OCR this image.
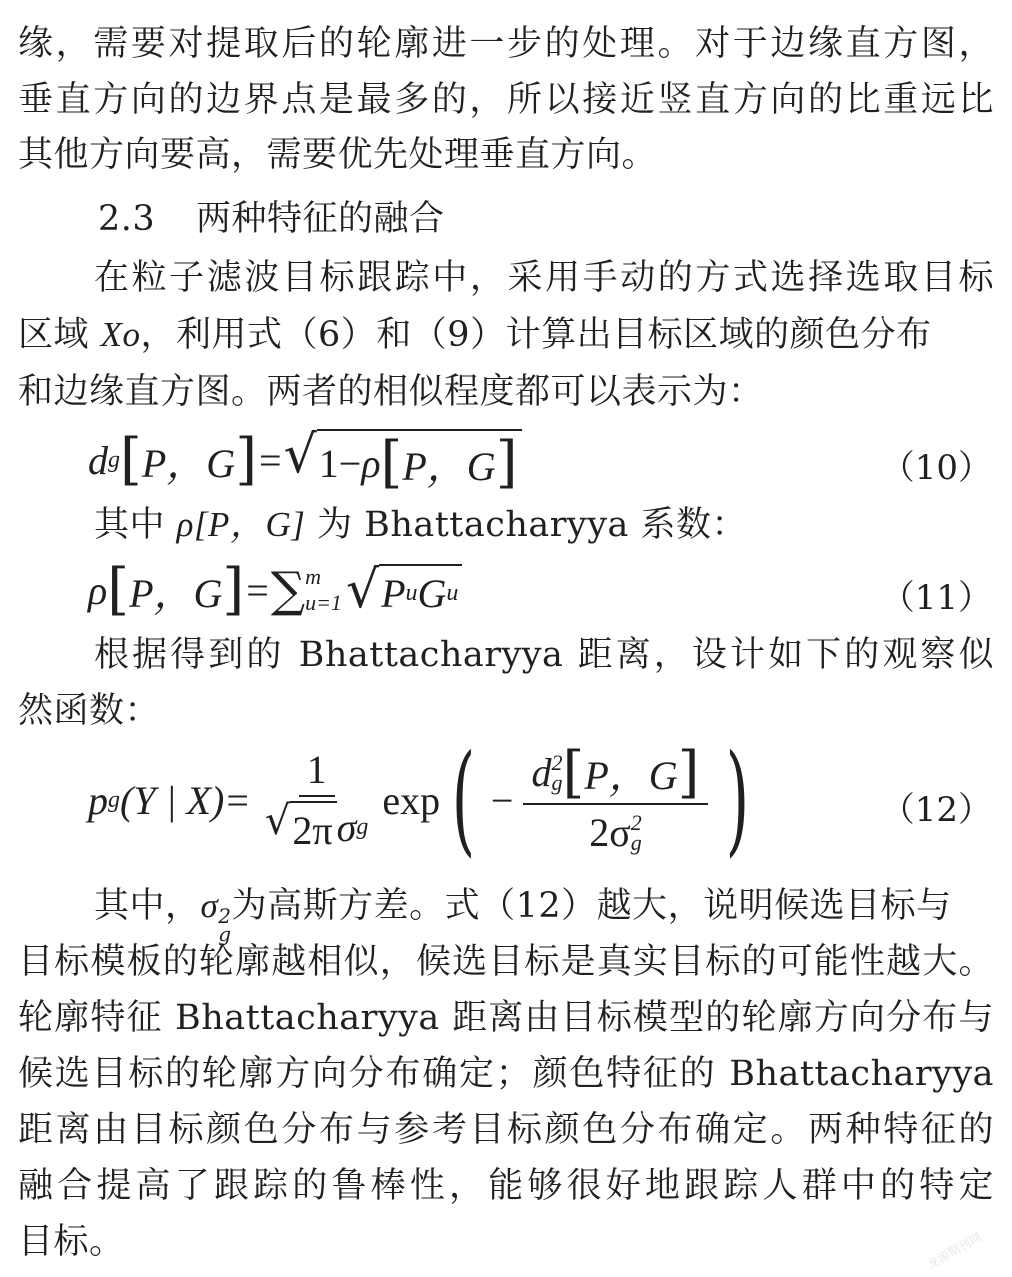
缘，需要对提取后的轮廓进一步的处理。对于边缘直方图，
垂直方向的边界点是最多的，所以接近竖直方向的比重远比
其他方向要高，需要优先处理垂直方向。
2.3 两种特征的融合
在粒子滤波目标跟踪中，采用手动的方式选择选取目标
区域 Xo，利用式（6）和（9）计算出目标区域的颜色分布
和边缘直方图。两者的相似程度都可以表示为：
d g [ P，G ] = √ 1− ρ [ P，G ]	（10）
其中 ρ[P，G] 为 Bhattacharyya 系数：
ρ [ P，G ] = ∑ m
u=1 √ P u G u	（11）
根据得到的 Bhattacharyya 距离，设计如下的观察似
然函数：
p g (Y | $X) = \frac{1}{\text{√ 2π σ g}}$ exp ( − d 2
g [ P，G ]
2σ 2
g )	（12）
其中，σ 2
g
为高斯方差。式（12）越大，说明候选目标与
目标模板的轮廓越相似，候选目标是真实目标的可能性越大。
轮廓特征 Bhattacharyya 距离由目标模型的轮廓方向分布与
候选目标的轮廓方向分布确定；颜色特征的 Bhattacharyya
距离由目标颜色分布与参考目标颜色分布确定。两种特征的
融合提高了跟踪的鲁棒性，能够很好地跟踪人群中的特定
目标。	龙源期刊网
